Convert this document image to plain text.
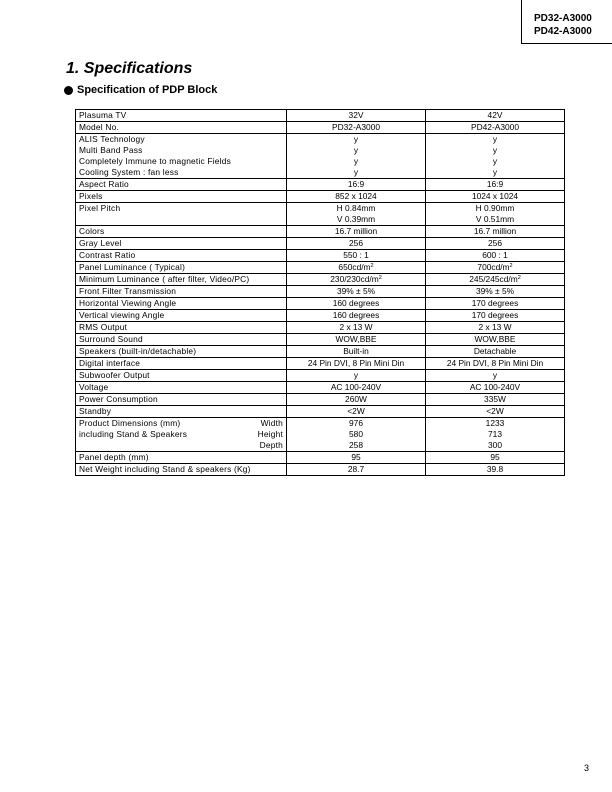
PD32-A3000
PD42-A3000
1. Specifications
Specification of PDP Block
Plasuma TV	32V	42V
Model No.	PD32-A3000	PD42-A3000
ALIS Technology	y	y
Multi Band Pass	y	y
Completely Immune to magnetic Fields	y	y
Cooling System : fan less	y	y
Aspect Ratio	16:9	16:9
Pixels	852 x 1024	1024 x 1024
Pixel Pitch	H 0.84mm	H 0.90mm
	V 0.39mm	V 0.51mm
Colors	16.7 million	16.7 million
Gray Level	256	256
Contrast Ratio	550 : 1	600 : 1
Panel Luminance ( Typical)	$650cd/m^2$	$700cd/m^2$
Minimum Luminance ( after filter, Video/PC)	$230/230cd/m^2$	$245/245cd/m^2$
Front Filter Transmission	39% ± 5%	39% ± 5%
Horizontal Viewing Angle	160 degrees	170 degrees
Vertical viewing Angle	160 degrees	170 degrees
RMS Output	2 x 13 W	2 x 13 W
Surround Sound	WOW,BBE	WOW,BBE
Speakers (built-in/detachable)	Built-in	Detachable
Digital interface	24 Pin DVI, 8 Pin Mini Din	24 Pin DVI, 8 Pin Mini Din
Subwoofer Output	y	y
Voltage	AC 100-240V	AC 100-240V
Power Consumption	260W	335W
Standby	<2W	<2W

Product Dimensions (mm) Width	976	1233

including Stand & Speakers Height	580	713

Depth	258	300
Panel depth (mm)	95	95
Net Weight including Stand & speakers (Kg)	28.7	39.8
3
